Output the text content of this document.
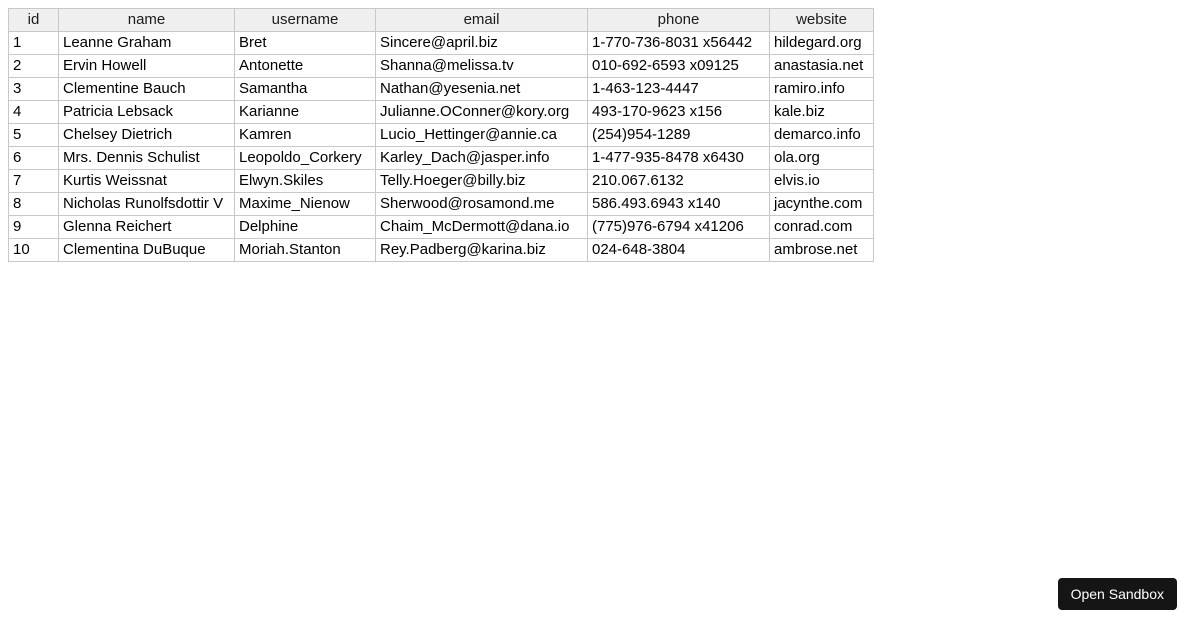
id	name	username	email	phone	website
1	Leanne Graham	Bret	Sincere@april.biz	1-770-736-8031 x56442	hildegard.org
2	Ervin Howell	Antonette	Shanna@melissa.tv	010-692-6593 x09125	anastasia.net
3	Clementine Bauch	Samantha	Nathan@yesenia.net	1-463-123-4447	ramiro.info
4	Patricia Lebsack	Karianne	Julianne.OConner@kory.org	493-170-9623 x156	kale.biz
5	Chelsey Dietrich	Kamren	Lucio_Hettinger@annie.ca	(254)954-1289	demarco.info
6	Mrs. Dennis Schulist	Leopoldo_Corkery	Karley_Dach@jasper.info	1-477-935-8478 x6430	ola.org
7	Kurtis Weissnat	Elwyn.Skiles	Telly.Hoeger@billy.biz	210.067.6132	elvis.io
8	Nicholas Runolfsdottir V	Maxime_Nienow	Sherwood@rosamond.me	586.493.6943 x140	jacynthe.com
9	Glenna Reichert	Delphine	Chaim_McDermott@dana.io	(775)976-6794 x41206	conrad.com
10	Clementina DuBuque	Moriah.Stanton	Rey.Padberg@karina.biz	024-648-3804	ambrose.net
Open Sandbox
